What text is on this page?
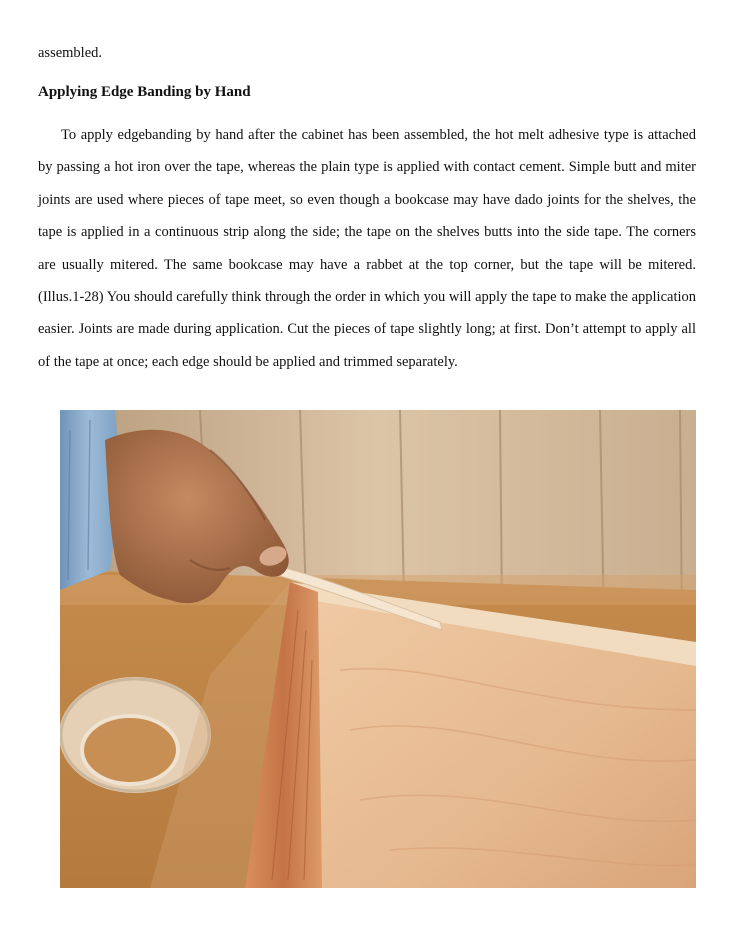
assembled.

Applying Edge Banding by Hand

To apply edgebanding by hand after the cabinet has been assembled, the hot melt adhesive type is attached by passing a hot iron over the tape, whereas the plain type is applied with contact cement. Simple butt and miter joints are used where pieces of tape meet, so even though a bookcase may have dado joints for the shelves, the tape is applied in a continuous strip along the side; the tape on the shelves butts into the side tape. The corners are usually mitered. The same bookcase may have a rabbet at the top corner, but the tape will be mitered. (Illus.1-28) You should carefully think through the order in which you will apply the tape to make the application easier. Joints are made during application. Cut the pieces of tape slightly long; at first. Don’t attempt to apply all of the tape at once; each edge should be applied and trimmed separately.
